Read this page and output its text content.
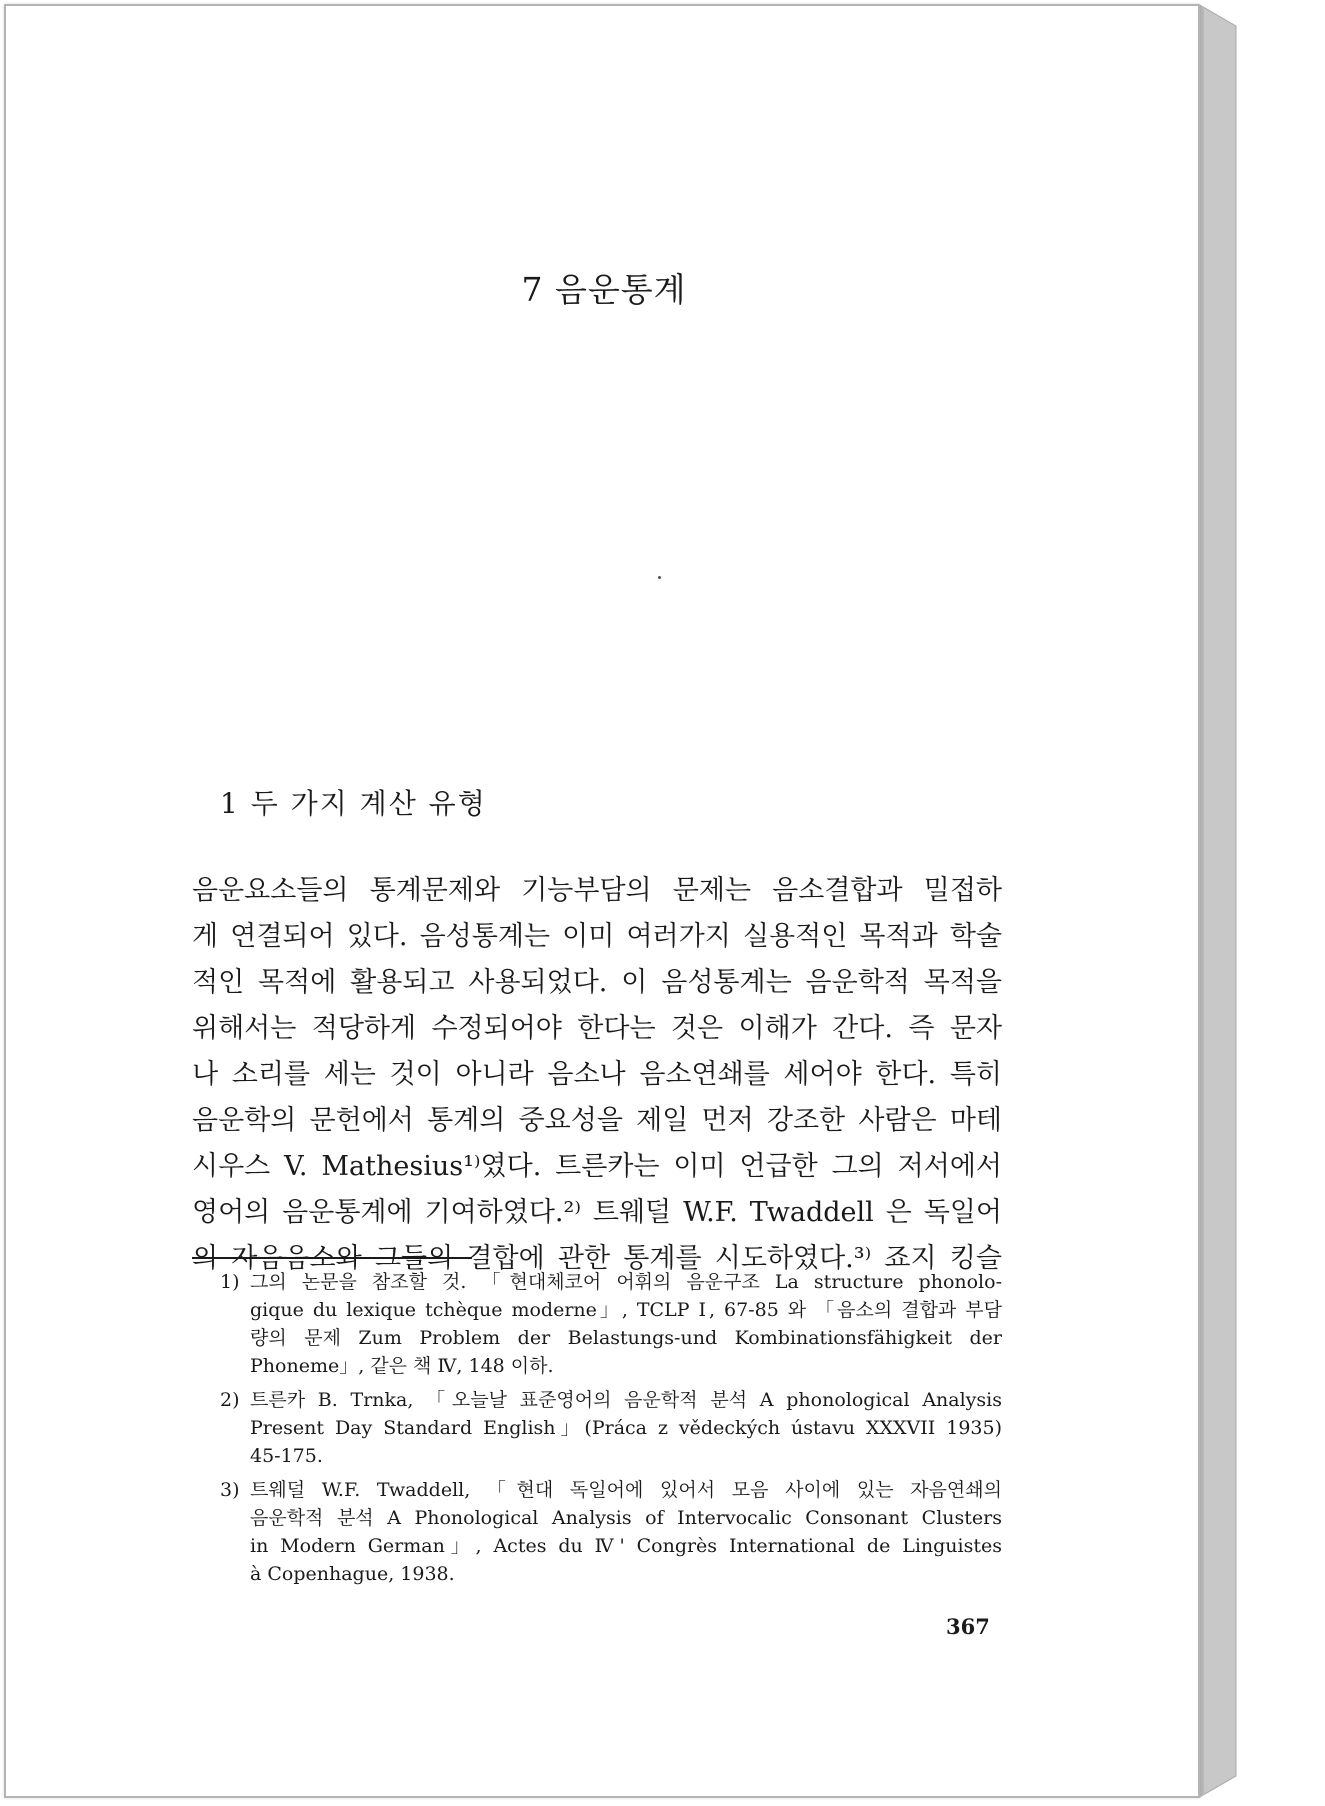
7 음운통계
1 두 가지 계산 유형
음운요소들의 통계문제와 기능부담의 문제는 음소결합과 밀접하
게 연결되어 있다. 음성통계는 이미 여러가지 실용적인 목적과 학술
적인 목적에 활용되고 사용되었다. 이 음성통계는 음운학적 목적을
위해서는 적당하게 수정되어야 한다는 것은 이해가 간다. 즉 문자
나 소리를 세는 것이 아니라 음소나 음소연쇄를 세어야 한다. 특히
음운학의 문헌에서 통계의 중요성을 제일 먼저 강조한 사람은 마테
시우스 V. Mathesius¹⁾였다. 트른카는 이미 언급한 그의 저서에서
영어의 음운통계에 기여하였다.²⁾ 트웨덜 W.F. Twaddell 은 독일어
의 자음음소와 그들의 결합에 관한 통계를 시도하였다.³⁾ 죠지 킹슬
1) 그의 논문을 참조할 것. 「현대체코어 어휘의 음운구조 La structure phonolo-
gique du lexique tchèque moderne」, TCLP Ⅰ, 67-85 와 「음소의 결합과 부담
량의 문제 Zum Problem der Belastungs-und Kombinationsfähigkeit der
Phoneme」, 같은 책 Ⅳ, 148 이하.
2) 트른카 B. Trnka, 「오늘날 표준영어의 음운학적 분석 A phonological Analysis
Present Day Standard English」(Práca z vědeckých ústavu XXXVII 1935)
45-175.
3) 트웨덜 W.F. Twaddell, 「현대 독일어에 있어서 모음 사이에 있는 자음연쇄의
음운학적 분석 A Phonological Analysis of Intervocalic Consonant Clusters
in Modern German」, Actes du Ⅳ' Congrès International de Linguistes
à Copenhague, 1938.
367
